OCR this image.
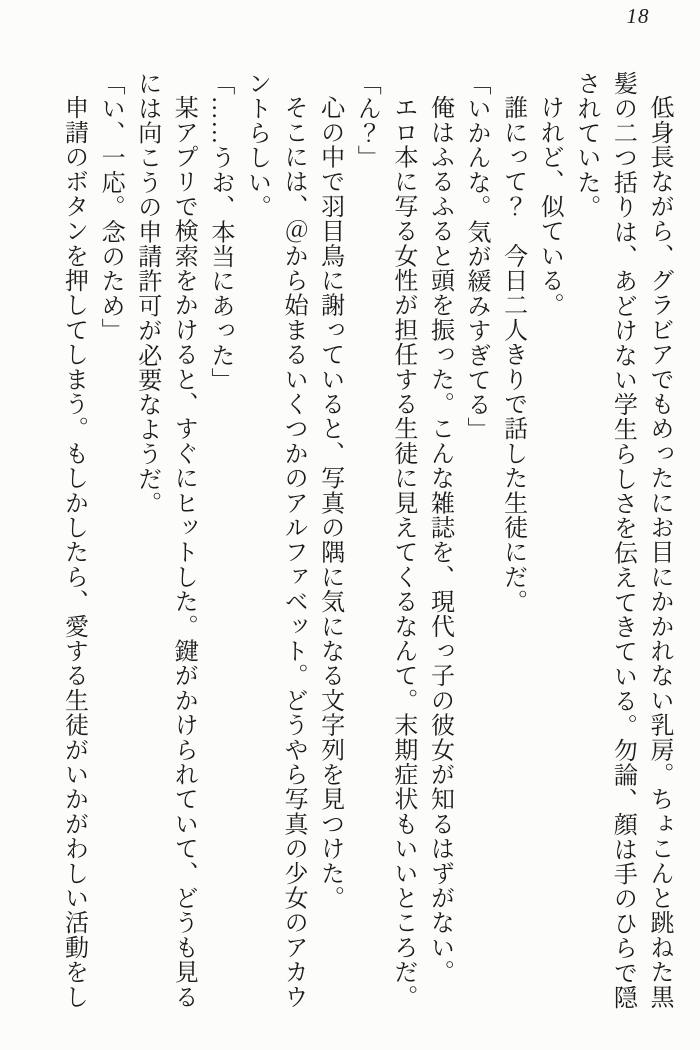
18

低身長ながら、グラビアでもめったにお目にかかれない乳房。ちょこんと跳ねた黒髪の二つ括りは、あどけない学生らしさを伝えてきている。勿論、顔は手のひらで隠されていた。

けれど、似ている。

誰にって？　今日二人きりで話した生徒にだ。

「いかんな。気が緩みすぎてる」

俺はふるふると頭を振った。こんな雑誌を、現代っ子の彼女が知るはずがない。

エロ本に写る女性が担任する生徒に見えてくるなんて。末期症状もいいところだ。

「ん？」

心の中で羽目鳥に謝っていると、写真の隅に気になる文字列を見つけた。

そこには、＠から始まるいくつかのアルファベット。どうやら写真の少女のアカウントらしい。

「……うお、本当にあった」

某アプリで検索をかけると、すぐにヒットした。鍵がかけられていて、どうも見るには向こうの申請許可が必要なようだ。

「い、一応。念のため」

申請のボタンを押してしまう。もしかしたら、愛する生徒がいかがわしい活動をし
